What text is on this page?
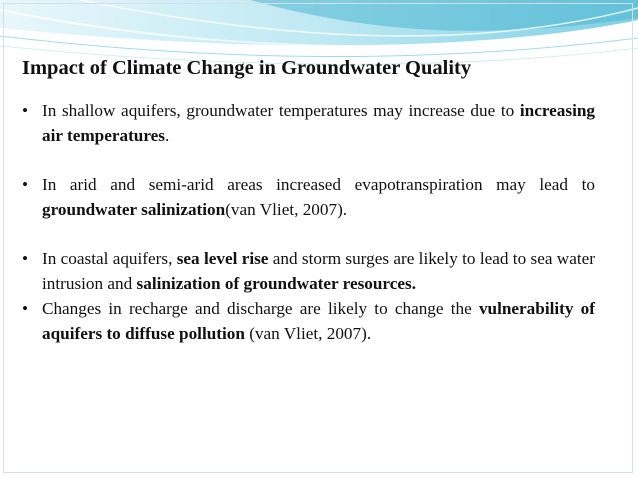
Impact of Climate Change in Groundwater Quality
• In shallow aquifers, groundwater temperatures may increase due to increasing air temperatures.
• In arid and semi-arid areas increased evapotranspiration may lead to groundwater salinization(van Vliet, 2007).
• In coastal aquifers, sea level rise and storm surges are likely to lead to sea water intrusion and salinization of groundwater resources.
• Changes in recharge and discharge are likely to change the vulnerability of aquifers to diffuse pollution (van Vliet, 2007).
